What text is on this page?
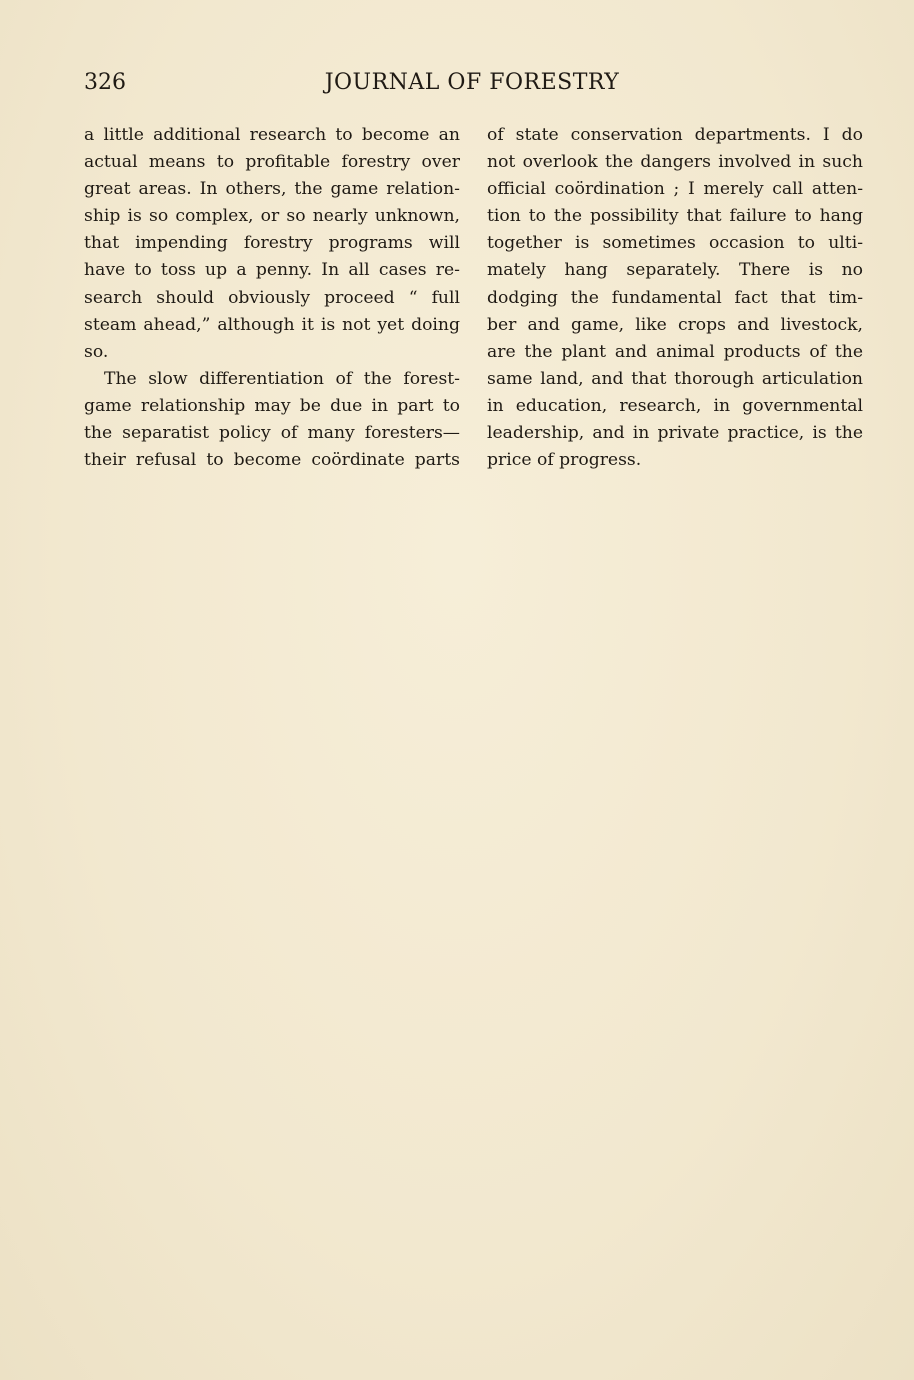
326	JOURNAL OF FORESTRY
a little additional research to become an
actual means to profitable forestry over
great areas. In others, the game relation-
ship is so complex, or so nearly unknown,
that impending forestry programs will
have to toss up a penny. In all cases re-
search should obviously proceed “ full
steam ahead,” although it is not yet doing
so.
The slow differentiation of the forest-
game relationship may be due in part to
the separatist policy of many foresters—
their refusal to become coördinate parts
of state conservation departments. I do
not overlook the dangers involved in such
official coördination ; I merely call atten-
tion to the possibility that failure to hang
together is sometimes occasion to ulti-
mately hang separately. There is no
dodging the fundamental fact that tim-
ber and game, like crops and livestock,
are the plant and animal products of the
same land, and that thorough articulation
in education, research, in governmental
leadership, and in private practice, is the
price of progress.
